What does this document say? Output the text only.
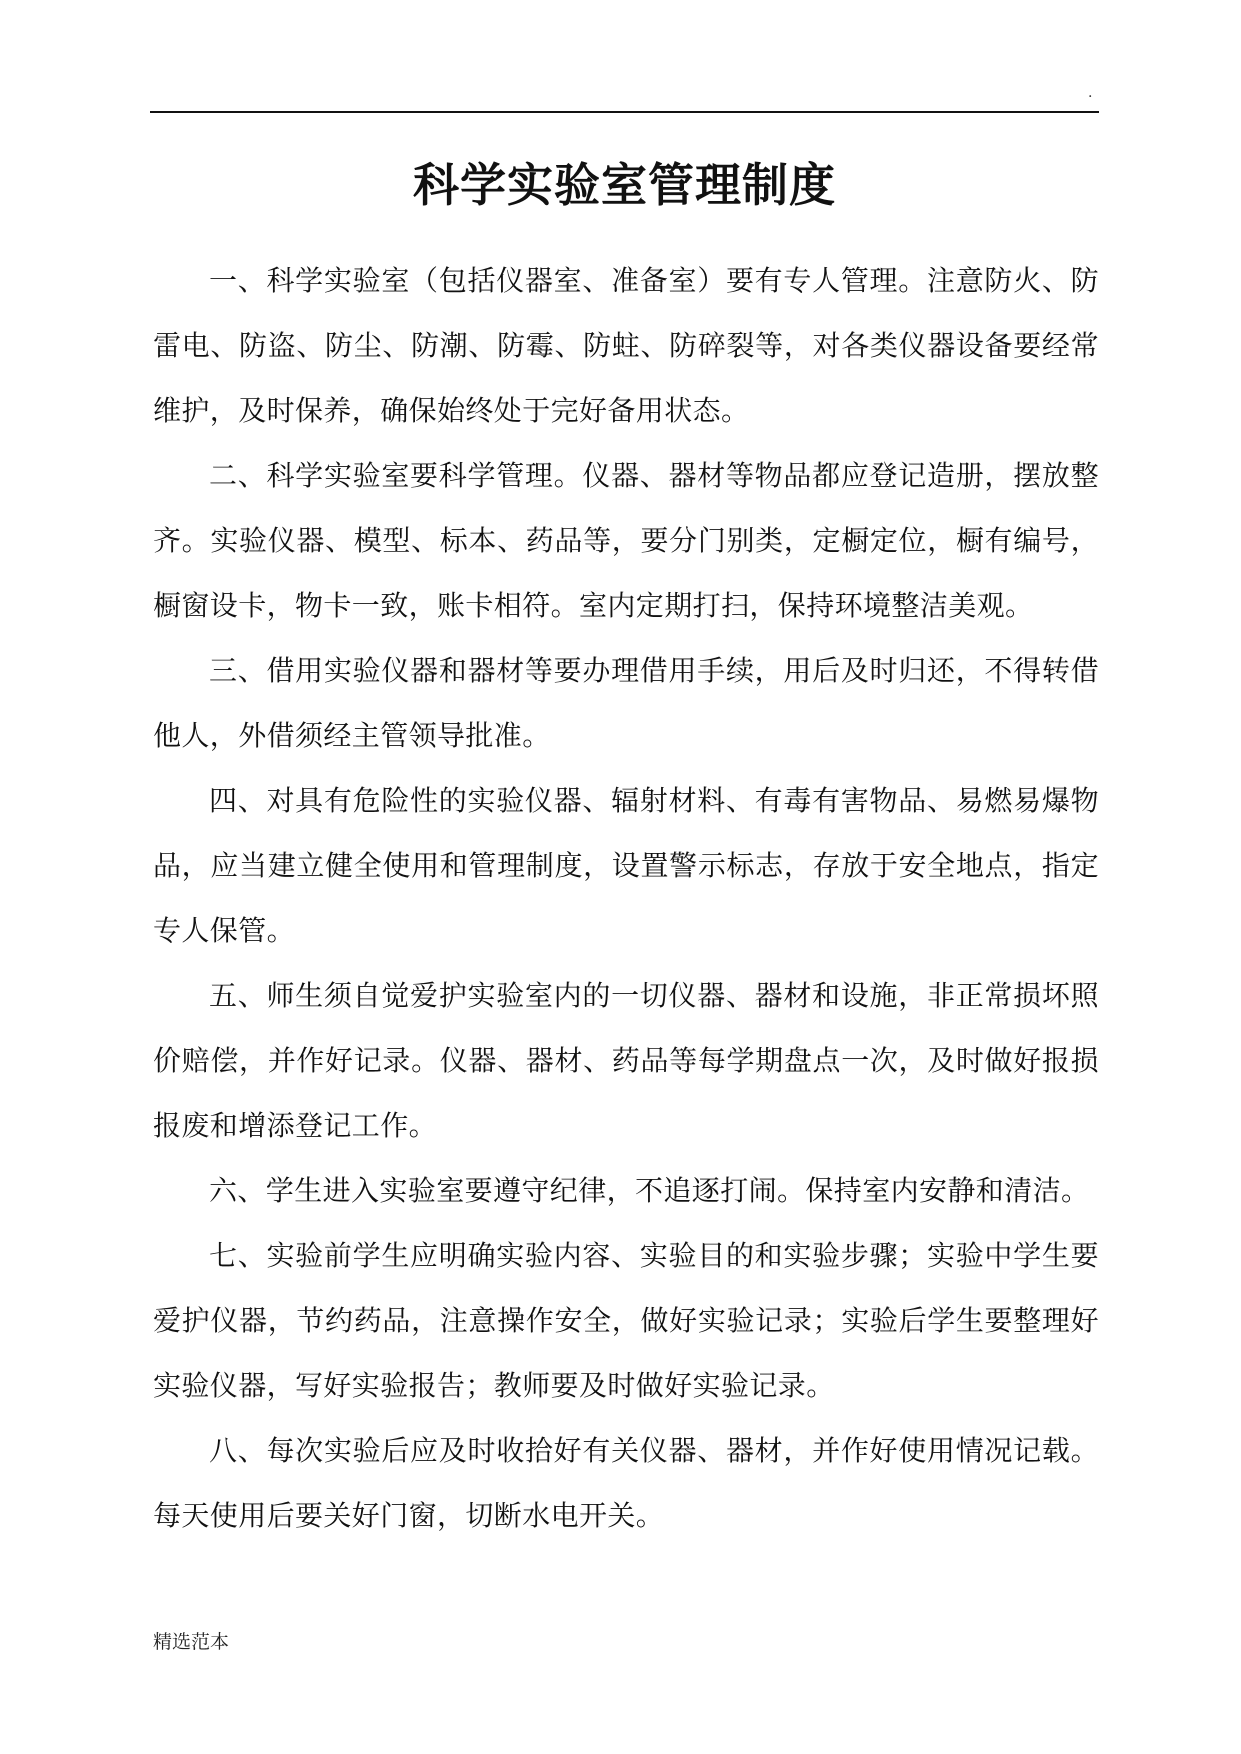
.
科学实验室管理制度

一、科学实验室（包括仪器室、准备室）要有专人管理。注意防火、防雷电、防盗、防尘、防潮、防霉、防蛀、防碎裂等，对各类仪器设备要经常维护，及时保养，确保始终处于完好备用状态。

二、科学实验室要科学管理。仪器、器材等物品都应登记造册，摆放整齐。实验仪器、模型、标本、药品等，要分门别类，定橱定位，橱有编号，橱窗设卡，物卡一致，账卡相符。室内定期打扫，保持环境整洁美观。

三、借用实验仪器和器材等要办理借用手续，用后及时归还，不得转借他人，外借须经主管领导批准。

四、对具有危险性的实验仪器、辐射材料、有毒有害物品、易燃易爆物品，应当建立健全使用和管理制度，设置警示标志，存放于安全地点，指定专人保管。

五、师生须自觉爱护实验室内的一切仪器、器材和设施，非正常损坏照价赔偿，并作好记录。仪器、器材、药品等每学期盘点一次，及时做好报损报废和增添登记工作。

六、学生进入实验室要遵守纪律，不追逐打闹。保持室内安静和清洁。

七、实验前学生应明确实验内容、实验目的和实验步骤；实验中学生要爱护仪器，节约药品，注意操作安全，做好实验记录；实验后学生要整理好实验仪器，写好实验报告；教师要及时做好实验记录。

八、每次实验后应及时收拾好有关仪器、器材，并作好使用情况记载。每天使用后要关好门窗，切断水电开关。

精选范本
